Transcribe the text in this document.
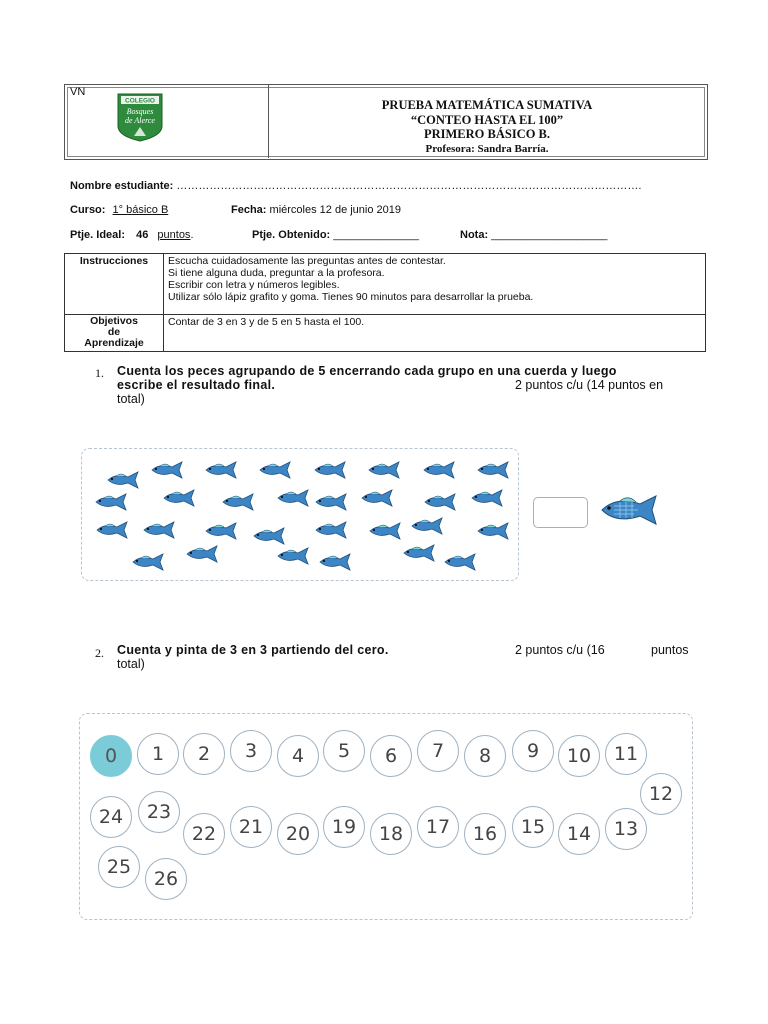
VN
COLEGIO
Bosques
de Alerce
PRUEBA MATEMÁTICA SUMATIVA
“CONTEO HASTA EL 100”
PRIMERO BÁSICO B.
Profesora: Sandra Barría.
Nombre estudiante: ……………………………………………………………………………………………………………….
Curso: 1° básico B	Fecha: miércoles 12 de junio 2019
Ptje. Ideal: 46 puntos.	Ptje. Obtenido: ______________	Nota: ___________________
Instrucciones	Escucha cuidadosamente las preguntas antes de contestar.
Si tiene alguna duda, preguntar a la profesora.
Escribir con letra y números legibles.
Utilizar sólo lápiz grafito y goma. Tienes 90 minutos para desarrollar la prueba.

Objetivos
de
Aprendizaje	Contar de 3 en 3 y de 5 en 5 hasta el 100.
1. Cuenta los peces agrupando de 5 encerrando cada grupo en una cuerda y luego
escribe el resultado final.	2 puntos c/u (14 puntos en
total)
2. Cuenta y pinta de 3 en 3 partiendo del cero.	2 puntos c/u (16	puntos
total)
0	1	2	3	4	5	6	7	8	9	10	11
12
13
14
15
16
17
18
19
20
21
22
23
24
25
26
